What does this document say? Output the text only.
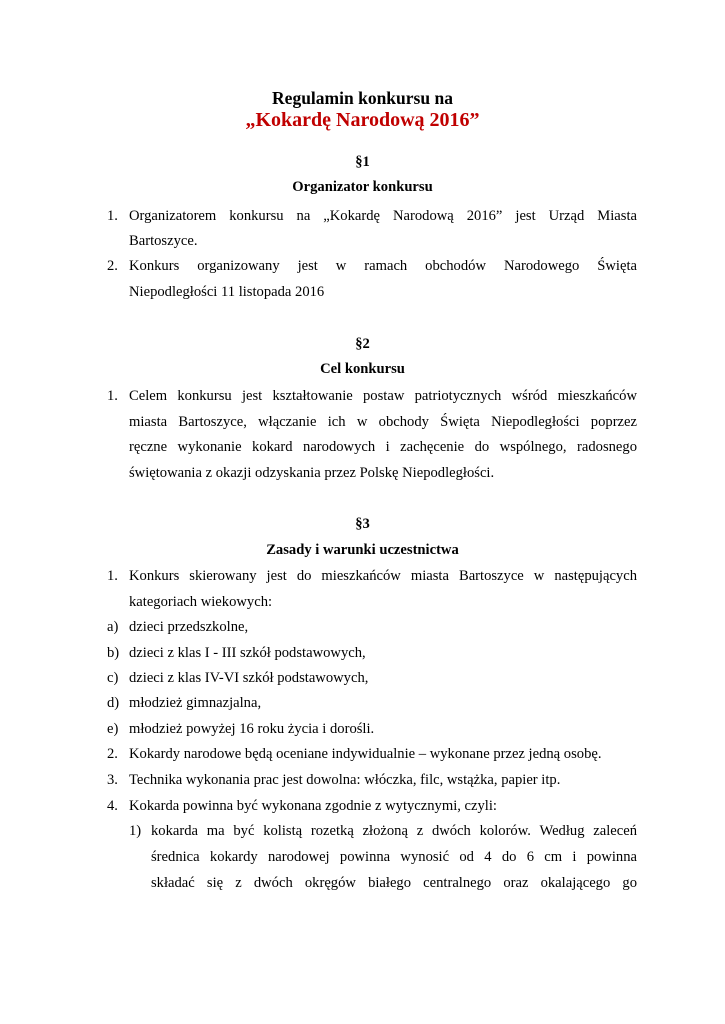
Regulamin konkursu na
„Kokardę Narodową 2016”
§1
Organizator konkursu
1. Organizatorem konkursu na „Kokardę Narodową 2016” jest Urząd Miasta
Bartoszyce.
2. Konkurs organizowany jest w ramach obchodów Narodowego Święta
Niepodległości 11 listopada 2016
§2
Cel konkursu
1. Celem konkursu jest kształtowanie postaw patriotycznych wśród mieszkańców
miasta Bartoszyce, włączanie ich w obchody Święta Niepodległości poprzez
ręczne wykonanie kokard narodowych i zachęcenie do wspólnego, radosnego
świętowania z okazji odzyskania przez Polskę Niepodległości.
§3
Zasady i warunki uczestnictwa
1. Konkurs skierowany jest do mieszkańców miasta Bartoszyce w następujących
kategoriach wiekowych:
a) dzieci przedszkolne,
b) dzieci z klas I - III szkół podstawowych,
c) dzieci z klas IV-VI szkół podstawowych,
d) młodzież gimnazjalna,
e) młodzież powyżej 16 roku życia i dorośli.
2. Kokardy narodowe będą oceniane indywidualnie – wykonane przez jedną osobę.
3. Technika wykonania prac jest dowolna: włóczka, filc, wstążka, papier itp.
4. Kokarda powinna być wykonana zgodnie z wytycznymi, czyli:
1) kokarda ma być kolistą rozetką złożoną z dwóch kolorów. Według zaleceń
średnica kokardy narodowej powinna wynosić od 4 do 6 cm i powinna
składać się z dwóch okręgów białego centralnego oraz okalającego go
